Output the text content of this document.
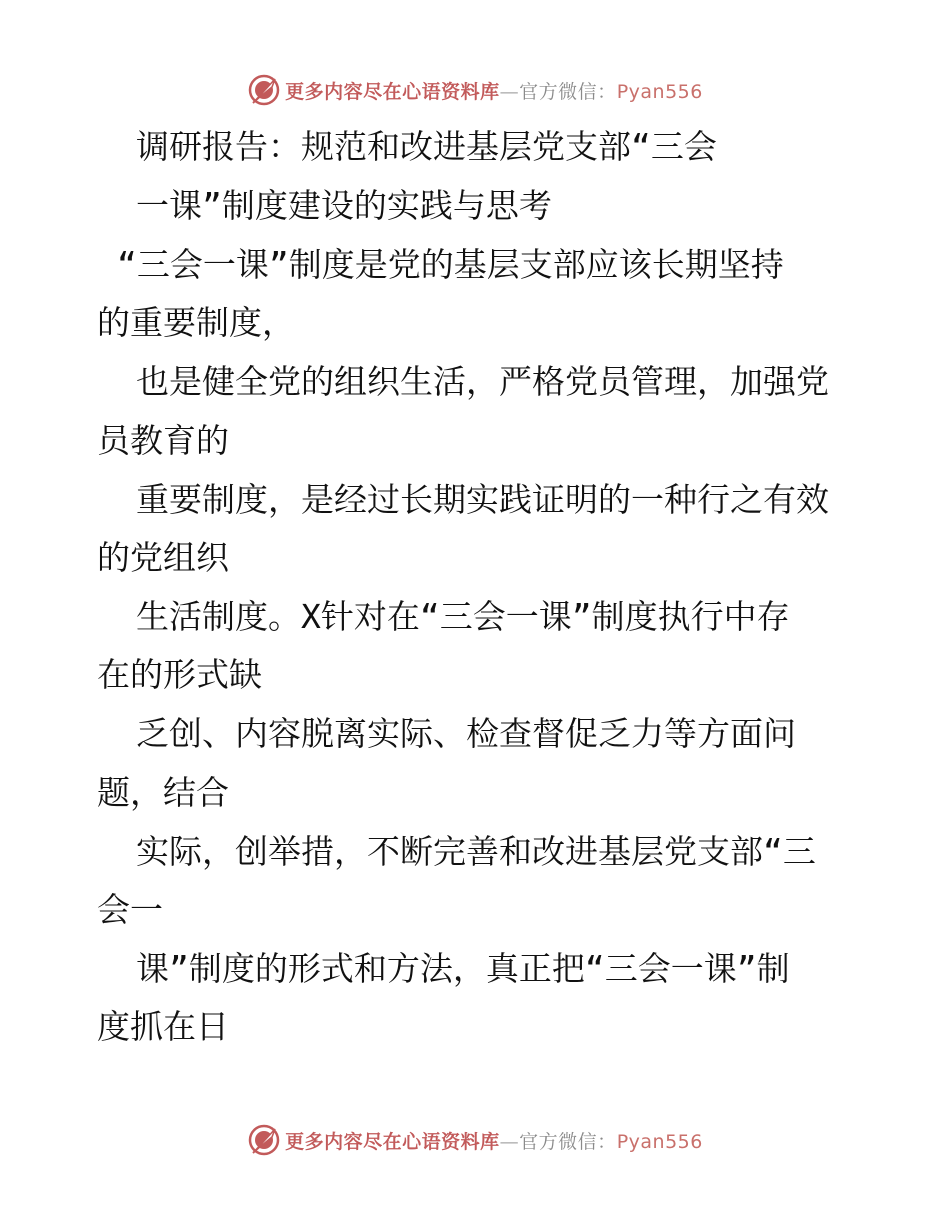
更多内容尽在心语资料库—官方微信：Pyan556

调研报告：规范和改进基层党支部“三会

一课”制度建设的实践与思考

“三会一课”制度是党的基层支部应该长期坚持

的重要制度，

也是健全党的组织生活，严格党员管理，加强党

员教育的

重要制度，是经过长期实践证明的一种行之有效

的党组织

生活制度。X针对在“三会一课”制度执行中存

在的形式缺

乏创、内容脱离实际、检查督促乏力等方面问

题，结合

实际，创举措，不断完善和改进基层党支部“三

会一

课”制度的形式和方法，真正把“三会一课”制

度抓在日

更多内容尽在心语资料库—官方微信：Pyan556
